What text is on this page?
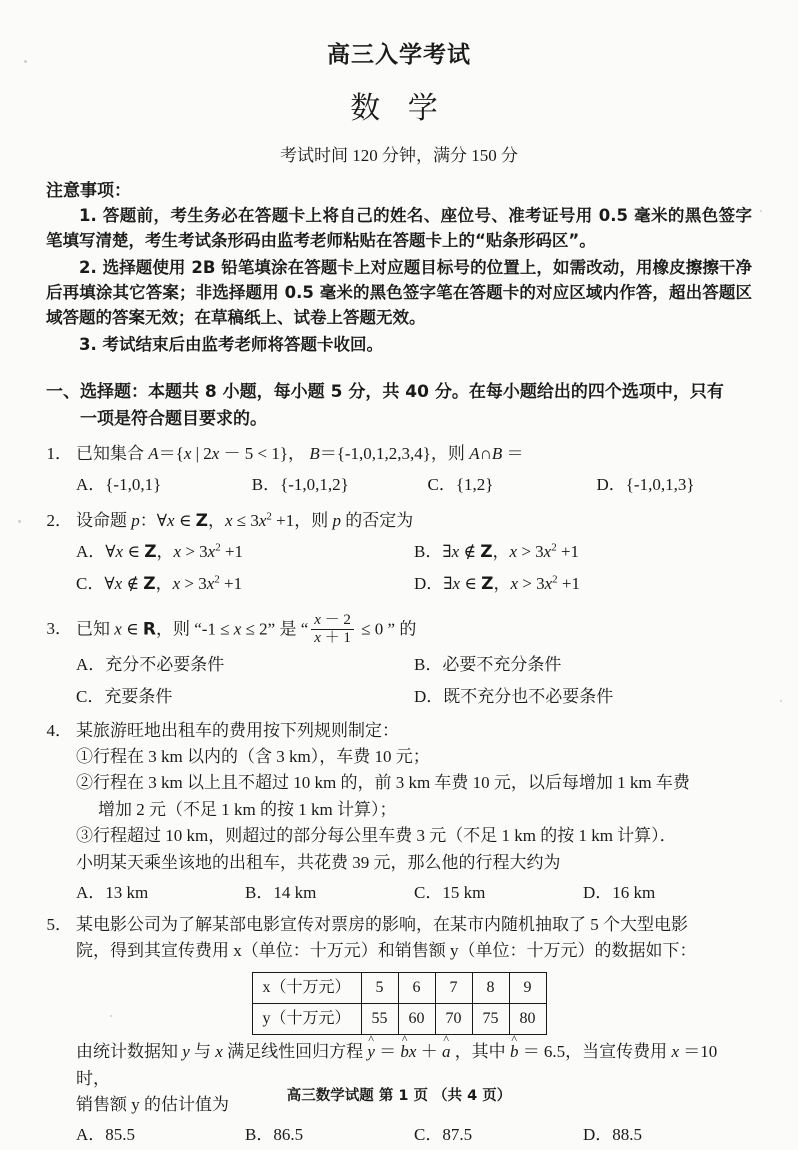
高三入学考试
数 学
考试时间 120 分钟，满分 150 分
注意事项：
1. 答题前，考生务必在答题卡上将自己的姓名、座位号、准考证号用 0.5 毫米的黑色签字笔填写清楚，考生考试条形码由监考老师粘贴在答题卡上的“贴条形码区”。
2. 选择题使用 2B 铅笔填涂在答题卡上对应题目标号的位置上，如需改动，用橡皮擦擦干净后再填涂其它答案；非选择题用 0.5 毫米的黑色签字笔在答题卡的对应区域内作答，超出答题区域答题的答案无效；在草稿纸上、试卷上答题无效。
3. 考试结束后由监考老师将答题卡收回。
一、选择题：本题共 8 小题，每小题 5 分，共 40 分。在每小题给出的四个选项中，只有
一项是符合题目要求的。
1． 已知集合 A＝{x | 2x － 5 < 1}， B＝{-1,0,1,2,3,4}，则 A∩B ＝
A．{-1,0,1}	B．{-1,0,1,2}	C．{1,2}	D．{-1,0,1,3}
2． 设命题 p：∀x ∈ Z，$x \le 3x^2 +1$，则 p 的否定为
A．∀x ∈ Z，$x > 3x^2 +1$	B．∃x ∉ Z，$x > 3x^2 +1$
C．∀x ∉ Z，$x > 3x^2 +1$	D．∃x ∈ Z，$x > 3x^2 +1$
3． 已知 x ∈ R，则 “-1 ≤ x ≤ 2” 是 “ $\frac{x - 2}{x + 1} \le 0$ ” 的
A．充分不必要条件	B．必要不充分条件
C．充要条件	D．既不充分也不必要条件
4． 某旅游旺地出租车的费用按下列规则制定：
①行程在 3 km 以内的（含 3 km），车费 10 元；
②行程在 3 km 以上且不超过 10 km 的，前 3 km 车费 10 元，以后每增加 1 km 车费
增加 2 元（不足 1 km 的按 1 km 计算）；
③行程超过 10 km，则超过的部分每公里车费 3 元（不足 1 km 的按 1 km 计算）．
小明某天乘坐该地的出租车，共花费 39 元，那么他的行程大约为
A．13 km	B．14 km	C．15 km	D．16 km
5． 某电影公司为了解某部电影宣传对票房的影响，在某市内随机抽取了 5 个大型电影
院，得到其宣传费用 x（单位：十万元）和销售额 y（单位：十万元）的数据如下：
x（十万元）	5	6	7	8	9
y（十万元）	55	60	70	75	80
由统计数据知 y 与 x 满足线性回归方程 y ^ ＝ b ^x ＋ a ^ ，其中 b ^ ＝ 6.5，当宣传费用 x ＝10 时，
销售额 y 的估计值为
A．85.5	B．86.5	C．87.5	D．88.5
高三数学试题 第 1 页 （共 4 页）
